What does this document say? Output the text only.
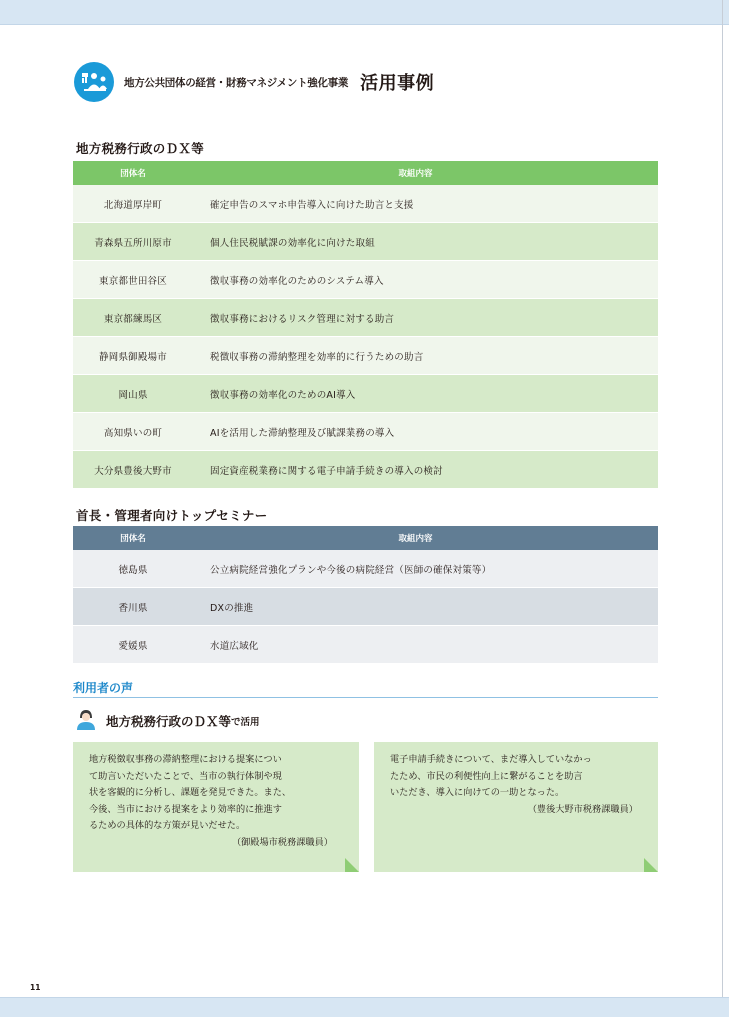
地方公共団体の経営・財務マネジメント強化事業 活用事例
地方税務行政のＤＸ等
団体名	取組内容
北海道厚岸町	確定申告のスマホ申告導入に向けた助言と支援
青森県五所川原市	個人住民税賦課の効率化に向けた取組
東京都世田谷区	徴収事務の効率化のためのシステム導入
東京都練馬区	徴収事務におけるリスク管理に対する助言
静岡県御殿場市	税徴収事務の滞納整理を効率的に行うための助言
岡山県	徴収事務の効率化のためのAI導入
高知県いの町	AIを活用した滞納整理及び賦課業務の導入
大分県豊後大野市	固定資産税業務に関する電子申請手続きの導入の検討
首長・管理者向けトップセミナー
団体名	取組内容
徳島県	公立病院経営強化プランや今後の病院経営（医師の確保対策等）
香川県	DXの推進
愛媛県	水道広域化
利用者の声
地方税務行政のＤＸ等 で活用
地方税徴収事務の滞納整理における提案につい
て助言いただいたことで、当市の執行体制や現
状を客観的に分析し、課題を発見できた。また、
今後、当市における提案をより効率的に推進す
るための具体的な方策が見いだせた。
（御殿場市税務課職員）
電子申請手続きについて、まだ導入していなかっ
たため、市民の利便性向上に繋がることを助言
いただき、導入に向けての一助となった。
（豊後大野市税務課職員）
11
